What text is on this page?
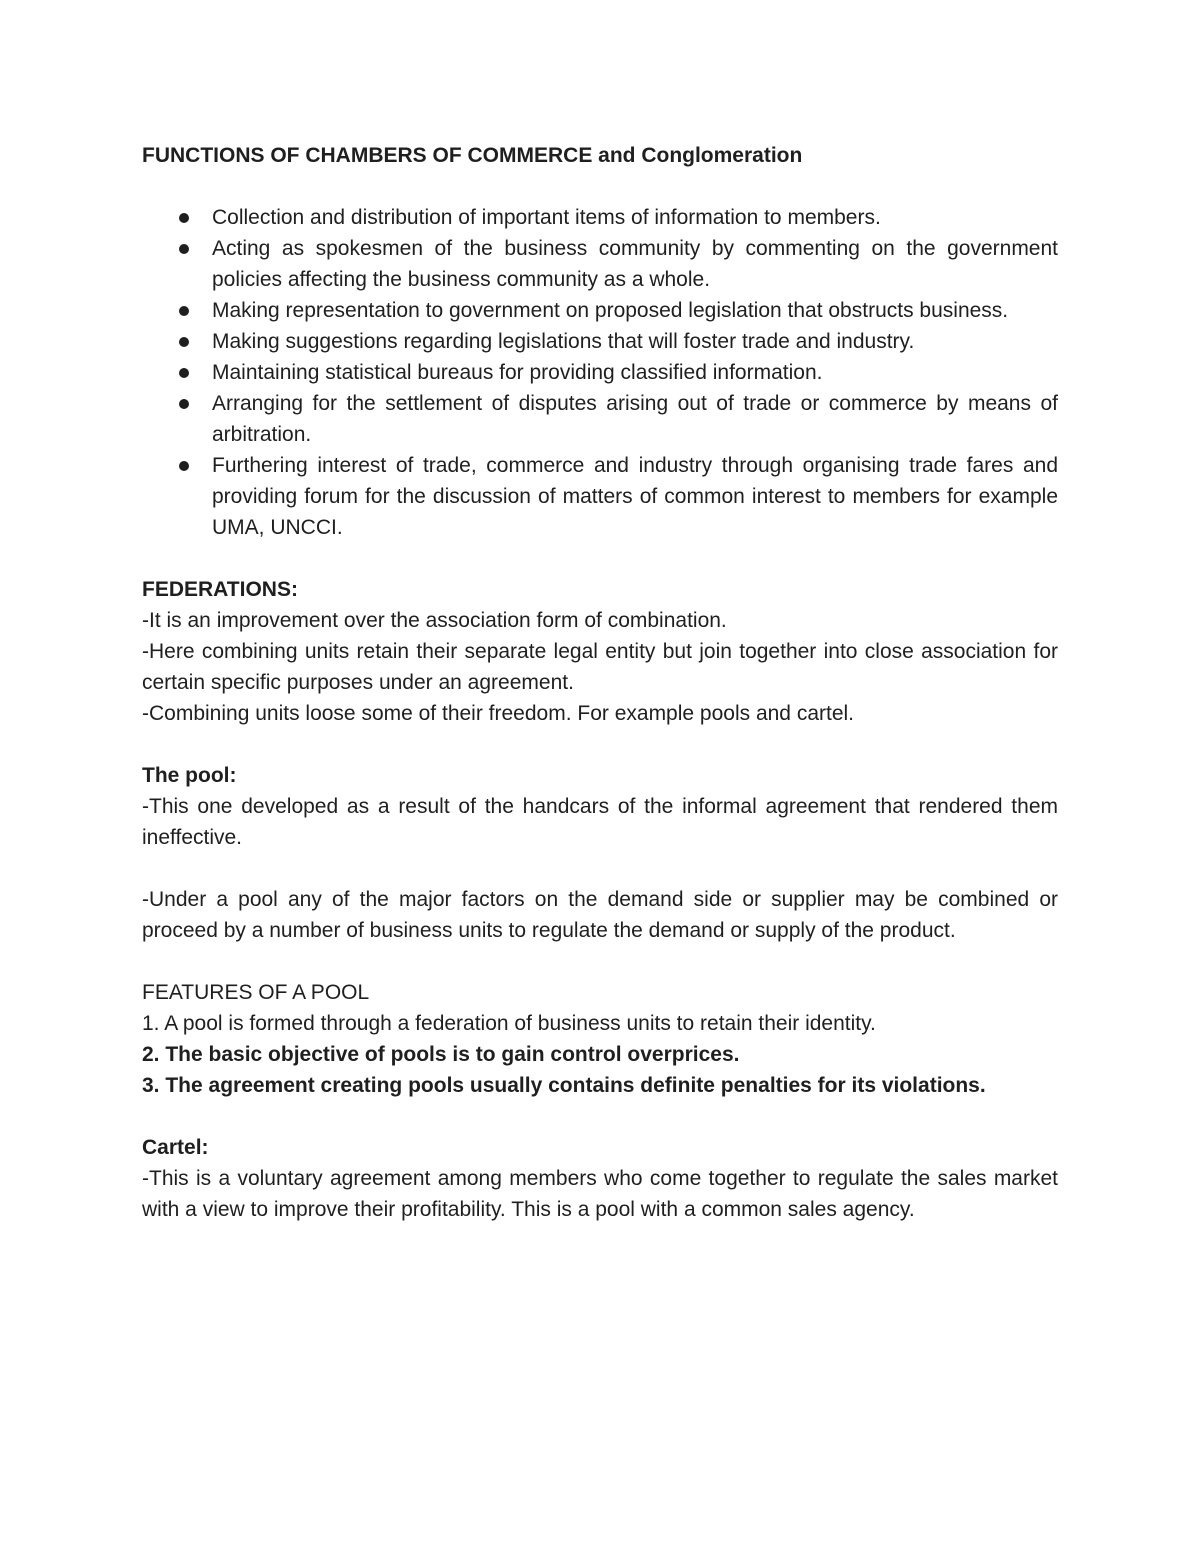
FUNCTIONS OF CHAMBERS OF COMMERCE and Conglomeration

Collection and distribution of important items of information to members.
Acting as spokesmen of the business community by commenting on the government policies affecting the business community as a whole.
Making representation to government on proposed legislation that obstructs business.
Making suggestions regarding legislations that will foster trade and industry.
Maintaining statistical bureaus for providing classified information.
Arranging for the settlement of disputes arising out of trade or commerce by means of arbitration.
Furthering interest of trade, commerce and industry through organising trade fares and providing forum for the discussion of matters of common interest to members for example UMA, UNCCI.

FEDERATIONS:

-It is an improvement over the association form of combination.

-Here combining units retain their separate legal entity but join together into close association for certain specific purposes under an agreement.

-Combining units loose some of their freedom. For example pools and cartel.

The pool:

-This one developed as a result of the handcars of the informal agreement that rendered them ineffective.

-Under a pool any of the major factors on the demand side or supplier may be combined or proceed by a number of business units to regulate the demand or supply of the product.

FEATURES OF A POOL

1. A pool is formed through a federation of business units to retain their identity.

2. The basic objective of pools is to gain control overprices.

3. The agreement creating pools usually contains definite penalties for its violations.

Cartel:

-This is a voluntary agreement among members who come together to regulate the sales market with a view to improve their profitability. This is a pool with a common sales agency.
